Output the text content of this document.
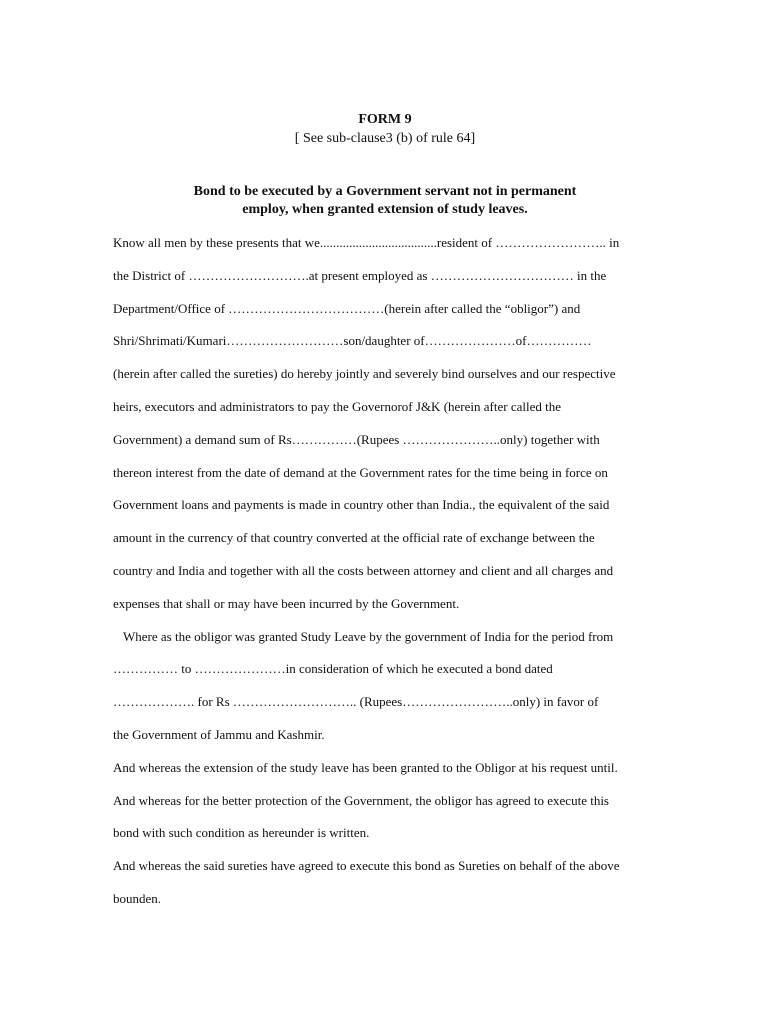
FORM 9
[ See sub-clause3 (b) of rule 64]
Bond to be executed by a Government servant not in permanent
employ, when granted extension of study leaves.
Know all men by these presents that we....................................resident of …………………….. in
the District of ……………………….at present employed as …………………………… in the
Department/Office of ………………………………(herein after called the “obligor”) and
Shri/Shrimati/Kumari………………………son/daughter of…………………of……………
(herein after called the sureties) do hereby jointly and severely bind ourselves and our respective
heirs, executors and administrators to pay the Governorof J&K (herein after called the
Government) a demand sum of Rs……………(Rupees …………………..only) together with
thereon interest from the date of demand at the Government rates for the time being in force on
Government loans and payments is made in country other than India., the equivalent of the said
amount in the currency of that country converted at the official rate of exchange between the
country and India and together with all the costs between attorney and client and all charges and
expenses that shall or may have been incurred by the Government.
Where as the obligor was granted Study Leave by the government of India for the period from
…………… to …………………in consideration of which he executed a bond dated
………………. for Rs ……………………….. (Rupees……………………..only) in favor of
the Government of Jammu and Kashmir.
And whereas the extension of the study leave has been granted to the Obligor at his request until.
And whereas for the better protection of the Government, the obligor has agreed to execute this
bond with such condition as hereunder is written.
And whereas the said sureties have agreed to execute this bond as Sureties on behalf of the above
bounden.
